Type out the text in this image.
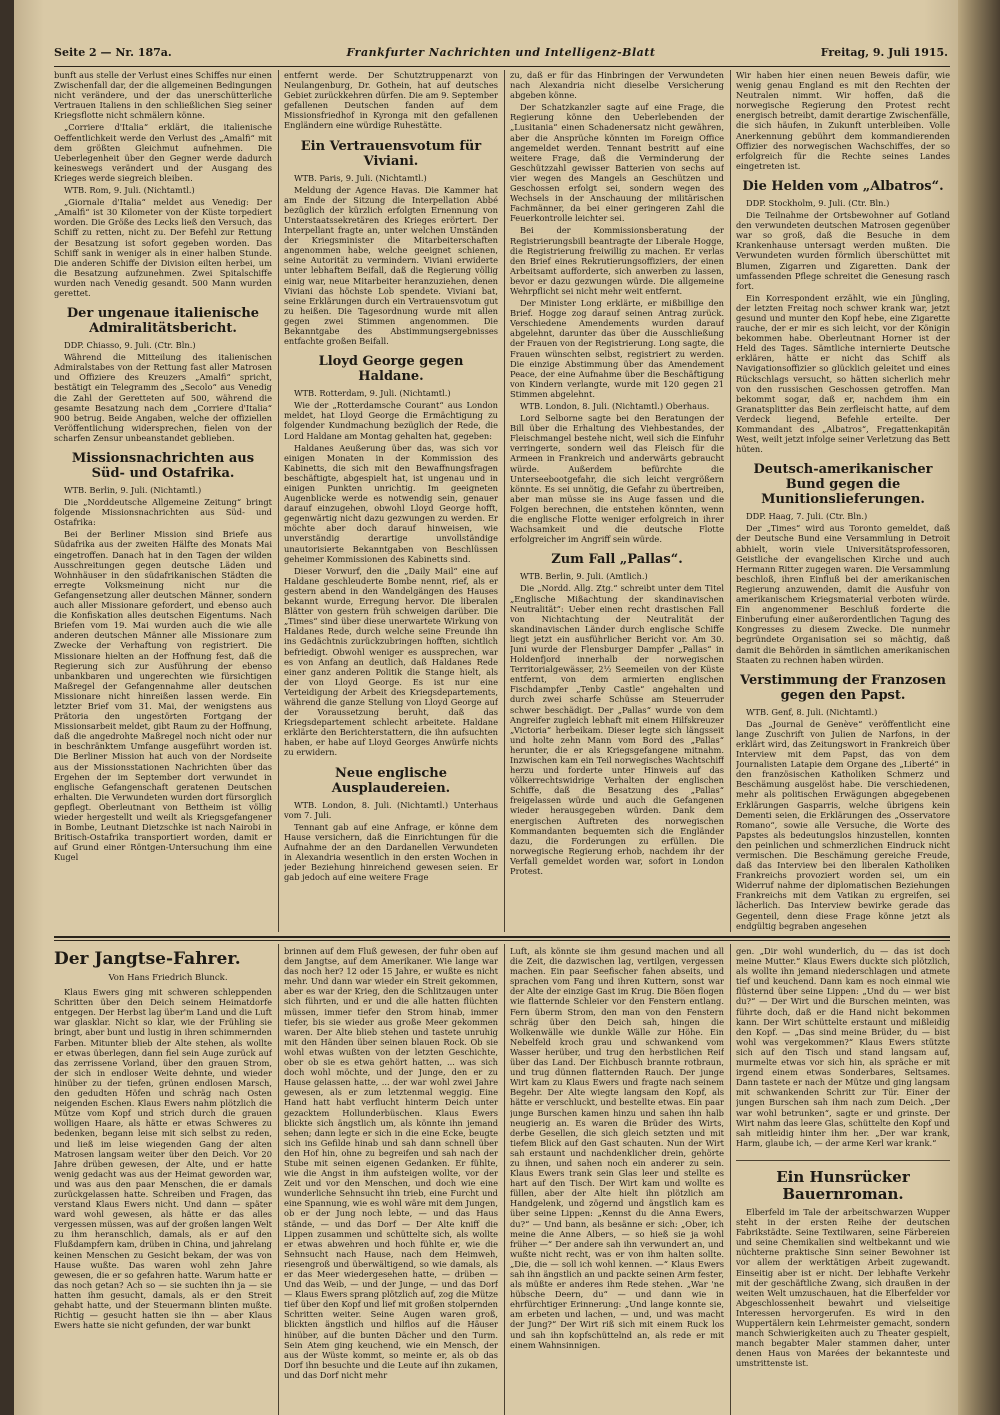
Seite 2 — Nr. 187a.	Frankfurter Nachrichten und Intelligenz-Blatt	Freitag, 9. Juli 1915.

bunft aus stelle der Verlust eines Schiffes nur einen Zwischenfall dar, der die allgemeinen Bedingungen nicht verändere, und der das unerschütterliche Vertrauen Italiens in den schließlichen Sieg seiner Kriegsflotte nicht schmälern könne.

„Corriere d'Italia“ erklärt, die italienische Oeffentlichkeit werde den Verlust des „Amalfi“ mit dem größten Gleichmut aufnehmen. Die Ueberlegenheit über den Gegner werde dadurch keineswegs verändert und der Ausgang des Krieges werde siegreich bleiben.

WTB. Rom, 9. Juli. (Nichtamtl.)

„Giornale d'Italia“ meldet aus Venedig: Der „Amalfi“ ist 30 Kilometer von der Küste torpediert worden. Die Größe des Lecks ließ den Versuch, das Schiff zu retten, nicht zu. Der Befehl zur Rettung der Besatzung ist sofort gegeben worden. Das Schiff sank in weniger als in einer halben Stunde. Die anderen Schiffe der Division eilten herbei, um die Besatzung aufzunehmen. Zwei Spitalschiffe wurden nach Venedig gesandt. 500 Mann wurden gerettet.

Der ungenaue italienische Admiralitätsbericht.

DDP. Chiasso, 9. Juli. (Ctr. Bln.)

Während die Mitteilung des italienischen Admiralstabes von der Rettung fast aller Matrosen und Offiziere des Kreuzers „Amalfi“ spricht, bestätigt ein Telegramm des „Secolo“ aus Venedig die Zahl der Geretteten auf 500, während die gesamte Besatzung nach dem „Corriere d'Italia“ 900 betrug. Beide Angaben, welche der offiziellen Veröffentlichung widersprechen, fielen von der scharfen Zensur unbeanstandet geblieben.

Missionsnachrichten aus Süd- und Ostafrika.

WTB. Berlin, 9. Juli. (Nichtamtl.)

Die „Norddeutsche Allgemeine Zeitung“ bringt folgende Missionsnachrichten aus Süd- und Ostafrika:

Bei der Berliner Mission sind Briefe aus Südafrika aus der zweiten Hälfte des Monats Mai eingetroffen. Danach hat in den Tagen der wilden Ausschreitungen gegen deutsche Läden und Wohnhäuser in den südafrikanischen Städten die erregte Volksmeinung nicht nur die Gefangensetzung aller deutschen Männer, sondern auch aller Missionare gefordert, und ebenso auch die Konfiskation alles deutschen Eigentums. Nach Briefen vom 19. Mai wurden auch die wie alle anderen deutschen Männer alle Missionare zum Zwecke der Verhaftung von registriert. Die Missionare hielten an der Hoffnung fest, daß die Regierung sich zur Ausführung der ebenso unbankbaren und ungerechten wie fürsichtigen Maßregel der Gefangennahme aller deutschen Missionare nicht hinreißen lassen werde. Ein letzter Brief vom 31. Mai, der wenigstens aus Prätoria den ungestörten Fortgang der Missionsarbeit meldet, gibt Raum zu der Hoffnung, daß die angedrohte Maßregel noch nicht oder nur in beschränktem Umfange ausgeführt worden ist. Die Berliner Mission hat auch von der Nordseite aus der Missionsstationen Nachrichten über das Ergehen der im September dort verwundet in englische Gefangenschaft geratenen Deutschen erhalten. Die Verwundeten wurden dort fürsorglich gepflegt. Oberleutnant von Bettheim ist völlig wieder hergestellt und weilt als Kriegsgefangener in Bombe, Leutnant Dietzschke ist nach Nairobi in Britisch-Ostafrika transportiert worden, damit er auf Grund einer Röntgen-Untersuchung ihm eine Kugel

entfernt werde. Der Schutztruppenarzt von Neulangenburg, Dr. Gothein, hat auf deutsches Gebiet zurückkehren dürfen. Die am 9. September gefallenen Deutschen fanden auf dem Missionsfriedhof in Kyronga mit den gefallenen Engländern eine würdige Ruhestätte.

Ein Vertrauensvotum für Viviani.

WTB. Paris, 9. Juli. (Nichtamtl.)

Meldung der Agence Havas. Die Kammer hat am Ende der Sitzung die Interpellation Abbé bezüglich der kürzlich erfolgten Ernennung von Unterstaatssekretären des Krieges erörtert. Der Interpellant fragte an, unter welchen Umständen der Kriegsminister die Mitarbeiterschaften angenommen habe, welche geeignet schienen, seine Autorität zu vermindern. Viviani erwiderte unter lebhaftem Beifall, daß die Regierung völlig einig war, neue Mitarbeiter heranzuziehen, denen Viviani das höchste Lob spendete. Viviani bat, seine Erklärungen durch ein Vertrauensvotum gut zu heißen. Die Tagesordnung wurde mit allen gegen zwei Stimmen angenommen. Die Bekanntgabe des Abstimmungsergebnisses entfachte großen Beifall.

Lloyd George gegen Haldane.

WTB. Rotterdam, 9. Juli. (Nichtamtl.)

Wie der „Rotterdamsche Courant“ aus London meldet, hat Lloyd George die Ermächtigung zu folgender Kundmachung bezüglich der Rede, die Lord Haldane am Montag gehalten hat, gegeben:

Haldanes Aeußerung über das, was sich vor einigen Monaten in der Kommission des Kabinetts, die sich mit den Bewaffnungsfragen beschäftigte, abgespielt hat, ist ungenau und in einigen Punkten unrichtig. Im geeigneten Augenblicke werde es notwendig sein, genauer darauf einzugehen, obwohl Lloyd George hofft, gegenwärtig nicht dazu gezwungen zu werden. Er möchte aber doch darauf hinweisen, wie unverständig derartige unvollständige unautorisierte Bekanntgaben von Beschlüssen geheimer Kommissionen des Kabinetts sind.

Dieser Vorwurf, den die „Daily Mail“ eine auf Haldane geschleuderte Bombe nennt, rief, als er gestern abend in den Wandelgängen des Hauses bekannt wurde, Erregung hervor. Die liberalen Blätter von gestern früh schweigen darüber. Die „Times“ sind über diese unerwartete Wirkung von Haldanes Rede, durch welche seine Freunde ihn ins Gedächtnis zurückzubringen hofften, sichtlich befriedigt. Obwohl weniger es aussprechen, war es von Anfang an deutlich, daß Haldanes Rede einer ganz anderen Politik die Stange hielt, als der von Lloyd George. Es ist nur eine Verteidigung der Arbeit des Kriegsdepartements, während die ganze Stellung von Lloyd George auf der Voraussetzung beruht, daß das Kriegsdepartement schlecht arbeitete. Haldane erklärte den Berichterstattern, die ihn aufsuchten haben, er habe auf Lloyd Georges Anwürfe nichts zu erwidern.

Neue englische Ausplaudereien.

WTB. London, 8. Juli. (Nichtamtl.) Unterhaus vom 7. Juli.

Tennant gab auf eine Anfrage, er könne dem Hause versichern, daß die Einrichtungen für die Aufnahme der an den Dardanellen Verwundeten in Alexandria wesentlich in den ersten Wochen in jeder Beziehung hinreichend gewesen seien. Er gab jedoch auf eine weitere Frage

zu, daß er für das Hinbringen der Verwundeten nach Alexandria nicht dieselbe Versicherung abgeben könne.

Der Schatzkanzler sagte auf eine Frage, die Regierung könne den Ueberlebenden der „Lusitania“ einen Schadenersatz nicht gewähren, aber die Ansprüche könnten im Foreign Office angemeldet werden. Tennant bestritt auf eine weitere Frage, daß die Verminderung der Geschützzahl gewisser Batterien von sechs auf vier wegen des Mangels an Geschützen und Geschossen erfolgt sei, sondern wegen des Wechsels in der Anschauung der militärischen Fachmänner, da bei einer geringeren Zahl die Feuerkontrolle leichter sei.

Bei der Kommissionsberatung der Registrierungsbill beantragte der Liberale Hogge, die Registrierung freiwillig zu machen. Er verlas den Brief eines Rekrutierungsoffiziers, der einen Arbeitsamt aufforderte, sich anwerben zu lassen, bevor er dazu gezwungen würde. Die allgemeine Wehrpflicht sei nicht mehr weit entfernt.

Der Minister Long erklärte, er mißbillige den Brief. Hogge zog darauf seinen Antrag zurück. Verschiedene Amendements wurden darauf abgelehnt, darunter das über die Ausschließung der Frauen von der Registrierung. Long sagte, die Frauen wünschten selbst, registriert zu werden. Die einzige Abstimmung über das Amendement Peace, der eine Aufnahme über die Beschäftigung von Kindern verlangte, wurde mit 120 gegen 21 Stimmen abgelehnt.

WTB. London, 8. Juli. (Nichtamtl.) Oberhaus.

Lord Selborne sagte bei den Beratungen der Bill über die Erhaltung des Viehbestandes, der Fleischmangel bestehe nicht, weil sich die Einfuhr verringerte, sondern weil das Fleisch für die Armeen in Frankreich und anderwärts gebraucht würde. Außerdem befürchte die Unterseebootgefahr, die sich leicht vergrößern könnte. Es sei unnötig, die Gefahr zu übertreiben, aber man müsse sie ins Auge fassen und die Folgen berechnen, die entstehen könnten, wenn die englische Flotte weniger erfolgreich in ihrer Wachsamkeit und die deutsche Flotte erfolgreicher im Angriff sein würde.

Zum Fall „Pallas“.

WTB. Berlin, 9. Juli. (Amtlich.)

Die „Nordd. Allg. Ztg.“ schreibt unter dem Titel „Englische Mißachtung der skandinavischen Neutralität“: Ueber einen recht drastischen Fall von Nichtachtung der Neutralität der skandinavischen Länder durch englische Schiffe liegt jetzt ein ausführlicher Bericht vor. Am 30. Juni wurde der Flensburger Dampfer „Pallas“ in Holdenfjord innerhalb der norwegischen Territorialgewässer, 2½ Seemeilen von der Küste entfernt, von dem armierten englischen Fischdampfer „Tenby Castle“ angehalten und durch zwei scharfe Schüsse am Steuerruder schwer beschädigt. Der „Pallas“ wurde von dem Angreifer zugleich lebhaft mit einem Hilfskreuzer „Victoria“ herbeikam. Dieser legte sich längsseit und holte zehn Mann vom Bord des „Pallas“ herunter, die er als Kriegsgefangene mitnahm. Inzwischen kam ein Teil norwegisches Wachtschiff herzu und forderte unter Hinweis auf das völkerrechtswidrige Verhalten der englischen Schiffe, daß die Besatzung des „Pallas“ freigelassen würde und auch die Gefangenen wieder herausgegeben würden. Dank dem energischen Auftreten des norwegischen Kommandanten bequemten sich die Engländer dazu, die Forderungen zu erfüllen. Die norwegische Regierung erhob, nachdem ihr der Verfall gemeldet worden war, sofort in London Protest.

Wir haben hier einen neuen Beweis dafür, wie wenig genau England es mit den Rechten der Neutralen nimmt. Wir hoffen, daß die norwegische Regierung den Protest recht energisch betreibt, damit derartige Zwischenfälle, die sich häufen, in Zukunft unterbleiben. Volle Anerkennung gebührt dem kommandierenden Offizier des norwegischen Wachschiffes, der so erfolgreich für die Rechte seines Landes eingetreten ist.

Die Helden vom „Albatros“.

DDP. Stockholm, 9. Juli. (Ctr. Bln.)

Die Teilnahme der Ortsbewohner auf Gotland den verwundeten deutschen Matrosen gegenüber war so groß, daß die Besuche in dem Krankenhause untersagt werden mußten. Die Verwundeten wurden förmlich überschüttet mit Blumen, Zigarren und Zigaretten. Dank der umfassenden Pflege schreitet die Genesung rasch fort.

Ein Korrespondent erzählt, wie ein Jüngling, der letzten Freitag noch schwer krank war, jetzt gesund und munter den Kopf hebe, eine Zigarette rauche, der er mir es sich leicht, vor der Königin bekommen habe. Oberleutnant Horner ist der Held des Tages. Sämtliche internierte Deutsche erklären, hätte er nicht das Schiff als Navigationsoffizier so glücklich geleitet und eines Rückschlags versucht, so hätten sicherlich mehr von den russischen Geschossen getroffen. Man bekommt sogar, daß er, nachdem ihm ein Granatsplitter das Bein zerfleischt hatte, auf dem Verdeck liegend, Befehle erteilte. Der Kommandant des „Albatros“, Fregattenkapitän West, weilt jetzt infolge seiner Verletzung das Bett hüten.

Deutsch-amerikanischer Bund gegen die Munitionslieferungen.

DDP. Haag, 7. Juli. (Ctr. Bln.)

Der „Times“ wird aus Toronto gemeldet, daß der Deutsche Bund eine Versammlung in Detroit abhielt, worin viele Universitätsprofessoren, Geistliche der evangelischen Kirche und auch Hermann Ritter zugegen waren. Die Versammlung beschloß, ihren Einfluß bei der amerikanischen Regierung anzuwenden, damit die Ausfuhr von amerikanischem Kriegsmaterial verboten würde. Ein angenommener Beschluß forderte die Einberufung einer außerordentlichen Tagung des Kongresses zu diesem Zwecke. Die nunmehr begründete Organisation sei so mächtig, daß damit die Behörden in sämtlichen amerikanischen Staaten zu rechnen haben würden.

Verstimmung der Franzosen gegen den Papst.

WTB. Genf, 8. Juli. (Nichtamtl.)

Das „Journal de Genève“ veröffentlicht eine lange Zuschrift von Julien de Narfons, in der erklärt wird, das Zeitungswort in Frankreich über Interview mit dem Papst, das von dem Journalisten Latapie dem Organe des „Liberté“ in den französischen Katholiken Schmerz und Beschämung ausgelöst habe. Die verschiedenen, mehr als politischen Erwägungen abgegebenen Erklärungen Gasparris, welche übrigens kein Dementi seien, die Erklärungen des „Osservatore Romano“, sowie alle Versuche, die Worte des Papstes als bedeutungslos hinzustellen, konnten den peinlichen und schmerzlichen Eindruck nicht vermischen. Die Beschämung gereiche Freude, daß das Interview bei den liberalen Katholiken Frankreichs provoziert worden sei, um ein Widerruf nahme der diplomatischen Beziehungen Frankreichs mit dem Vatikan zu ergreifen, sei lächerlich. Das Interview bewirke gerade das Gegenteil, denn diese Frage könne jetzt als endgültig begraben angesehen

Der Jangtse-Fahrer.

Von Hans Friedrich Blunck.

Klaus Ewers ging mit schweren schleppenden Schritten über den Deich seinem Heimatdorfe entgegen. Der Herbst lag über'm Land und die Luft war glasklar. Nicht so klar, wie der Frühling sie bringt, aber bunt und lustig in ihren schimmernden Farben. Mitunter blieb der Alte stehen, als wollte er etwas überlegen, dann fiel sein Auge zurück auf das zerrissene Vorland, über den grauen Strom, der sich in endloser Weite dehnte, und wieder hinüber zu der tiefen, grünen endlosen Marsch, den gedudten Höfen und schräg nach Osten neigenden Eschen. Klaus Ewers nahm plötzlich die Mütze vom Kopf und strich durch die grauen wolligen Haare, als hätte er etwas Schweres zu bedenken, begann leise mit sich selbst zu reden, und ließ im leise wiegenden Gang der alten Matrosen langsam weiter über den Deich. Vor 20 Jahre drüben gewesen, der Alte, und er hatte wenig gedacht was aus der Heimat geworden war, und was aus den paar Menschen, die er damals zurückgelassen hatte. Schreiben und Fragen, das verstand Klaus Ewers nicht. Und dann — später ward wohl gewesen, als hätte er das alles vergessen müssen, was auf der großen langen Welt zu ihm heranschlich, damals, als er auf den Flußdampfern kam, drüben in China, und jahrelang keinen Menschen zu Gesicht bekam, der was von Hause wußte. Das waren wohl zehn Jahre gewesen, die er so gefahren hatte. Warum hatte er das noch getan? Ach so — sie suchten ihn ja — sie hatten ihm gesucht, damals, als er den Streit gehabt hatte, und der Steuermann blinten mußte. Richtig — gesucht hatten sie ihn — aber Klaus Ewers hatte sie nicht gefunden, der war bunkt

brinnen auf dem Fluß gewesen, der fuhr oben auf dem Jangtse, auf dem Amerikaner. Wie lange war das noch her? 12 oder 15 Jahre, er wußte es nicht mehr. Und dann war wieder ein Streit gekommen, aber es war der Krieg, den die Schlitzaugen unter sich führten, und er und die alle hatten flüchten müssen, immer tiefer den Strom hinab, immer tiefer, bis sie wieder aus große Meer gekommen waren. Der Alte blieb stehen und tastete unruhig mit den Händen über seinen blauen Rock. Ob sie wohl etwas wußten von der letzten Geschichte, ober ob sie es etwa gehört hatten, ... was sich doch wohl möchte, und der Junge, den er zu Hause gelassen hatte, ... der war wohl zwei Jahre gewesen, als er zum letztenmal weggig. Eine Hand hatt habt verflucht hinterm Deich unter gezacktem Hollunderbüschen. Klaus Ewers blickte sich ängstlich um, als könnte ihn jemand sehen; dann legte er sich in die eine Ecke, beugte sich ins Gefilde hinab und sah dann schnell über den Hof hin, ohne zu begreifen und sah nach der Stube mit seinen eigenen Gedanken. Er fühlte, wie die Angst in ihm aufsteigen wollte, vor der Zeit und vor den Menschen, und doch wie eine wunderliche Sehnsucht ihn trieb, eine Furcht und eine Spannung, wie es wohl wäre mit dem Jungen, ob er der Jung noch lebte, — und das Haus stände, — und das Dorf — Der Alte kniff die Lippen zusammen und schüttelte sich, als wollte er etwas abwehren und hoch fühlte er, wie die Sehnsucht nach Hause, nach dem Heimweh, riesengroß und überwältigend, so wie damals, als er das Meer wiedergesehen hatte, — drüben — Und das Weib, — und der Junge, — und das Dorf — Klaus Ewers sprang plötzlich auf, zog die Mütze tief über den Kopf und lief mit großen stolpernden Schritten weiter. Seine Augen waren groß, blickten ängstlich und hilflos auf die Häuser hinüber, auf die bunten Dächer und den Turm. Sein Atem ging keuchend, wie ein Mensch, der aus der Wüste kommt, so meinte er, als ob das Dorf ihn besuchte und die Leute auf ihn zukamen, und das Dorf nicht mehr

Luft, als könnte sie ihm gesund machen und all die Zeit, die dazwischen lag, vertilgen, vergessen machen. Ein paar Seefischer fahen abseits, und sprachen vom Fang und ihren Kuttern, sonst war der Alte der einzige Gast im Krug. Die Böen flogen wie flatternde Schleier vor den Fenstern entlang. Fern überm Strom, den man von den Fenstern schräg über den Deich sah, hingen die Wolkenwälle wie dunkle Wälle zur Höhe. Ein Nebelfeld kroch grau und schwankend vom Wasser herüber, und trug den herbstlichen Reif über das Land. Der Eichbusch brannte rotbraun, und trug dünnen flatternden Rauch. Der junge Wirt kam zu Klaus Ewers und fragte nach seinem Begehr. Der Alte wiegte langsam den Kopf, als hätte er verschluckt, und bestellte etwas. Ein paar junge Burschen kamen hinzu und sahen ihn halb neugierig an. Es waren die Brüder des Wirts, derbe Gesellen, die sich gleich setzten und mit tiefem Blick auf den Gast schauten. Nun der Wirt sah erstaunt und nachdenklicher drein, gehörte zu ihnen, und sahen noch ein anderer zu sein. Klaus Ewers trank sein Glas leer und stellte es hart auf den Tisch. Der Wirt kam und wollte es füllen, aber der Alte hielt ihn plötzlich am Handgelenk, und zögernd und ängstlich kam es über seine Lippen: „Kennst du die Anna Ewers, du?“ — Und bann, als besänne er sich: „Ober, ich meine die Anne Albers, — so hieß sie ja wohl früher —“ Der andere sah ihn verwundert an, und wußte nicht recht, was er von ihm halten sollte. „Die, die — soll ich wohl kennen. —“ Klaus Ewers sah ihn ängstlich an und packte seinen Arm fester, als müßte er anderes ihm Rede stehen. „War 'ne hübsche Deern, du“ — und dann wie in ehrfürchtiger Erinnerung: „Und lange konnte sie, am erbeten und lachen, — und, und was macht der Jung?“ Der Wirt riß sich mit einem Ruck los und sah ihn kopfschüttelnd an, als rede er mit einem Wahnsinnigen.

gen. „Dir wohl wunderlich, du — das ist doch meine Mutter.“ Klaus Ewers duckte sich plötzlich, als wollte ihn jemand niederschlagen und atmete tief und keuchend. Dann kam es noch einmal wie flüsternd über seine Lippen: „Und du — wer bist du?“ — Der Wirt und die Burschen meinten, was führte doch, daß er die Hand nicht bekommen kann. Der Wirt schüttelte erstaunt und mißleidig den Kopf. — „Das sind meine Brüder, du — bist wohl was vergekommen?“ Klaus Ewers stützte sich auf den Tisch und stand langsam auf, murmelte etwas vor sich hin, als spräche er mit irgend einem etwas Sonderbares, Seltsames. Dann tastete er nach der Mütze und ging langsam mit schwankenden Schritt zur Tür. Einer der jungen Burschen sah ihm nach zum Deich. „Der war wohl betrunken“, sagte er und grinste. Der Wirt nahm das leere Glas, schüttelte den Kopf und sah mitleidig hinter ihm her. „Der war krank, Harm, glaube ich, — der arme Kerl war krank.“

Ein Hunsrücker Bauernroman.

Elberfeld im Tale der arbeitschwarzen Wupper steht in der ersten Reihe der deutschen Fabrikstädte. Seine Textilwaren, seine Färbereien und seine Chemikalien sind weltbekannt und wie nüchterne praktische Sinn seiner Bewohner ist vor allem der werktätigen Arbeit zugewandt. Einseitig aber ist er nicht. Der lebhafte Verkehr mit der geschäftliche Zwang, sich draußen in der weiten Welt umzuschauen, hat die Elberfelder vor Abgeschlossenheit bewahrt und vielseitige Interessen hervorgerufen. Es wird in den Wuppertälern kein Lehrmeister gemacht, sondern manch Schwierigkeiten auch zu Theater gespielt, manch begabter Maler stammen daher, unter denen Haus von Marées der bekannteste und umstrittenste ist.
